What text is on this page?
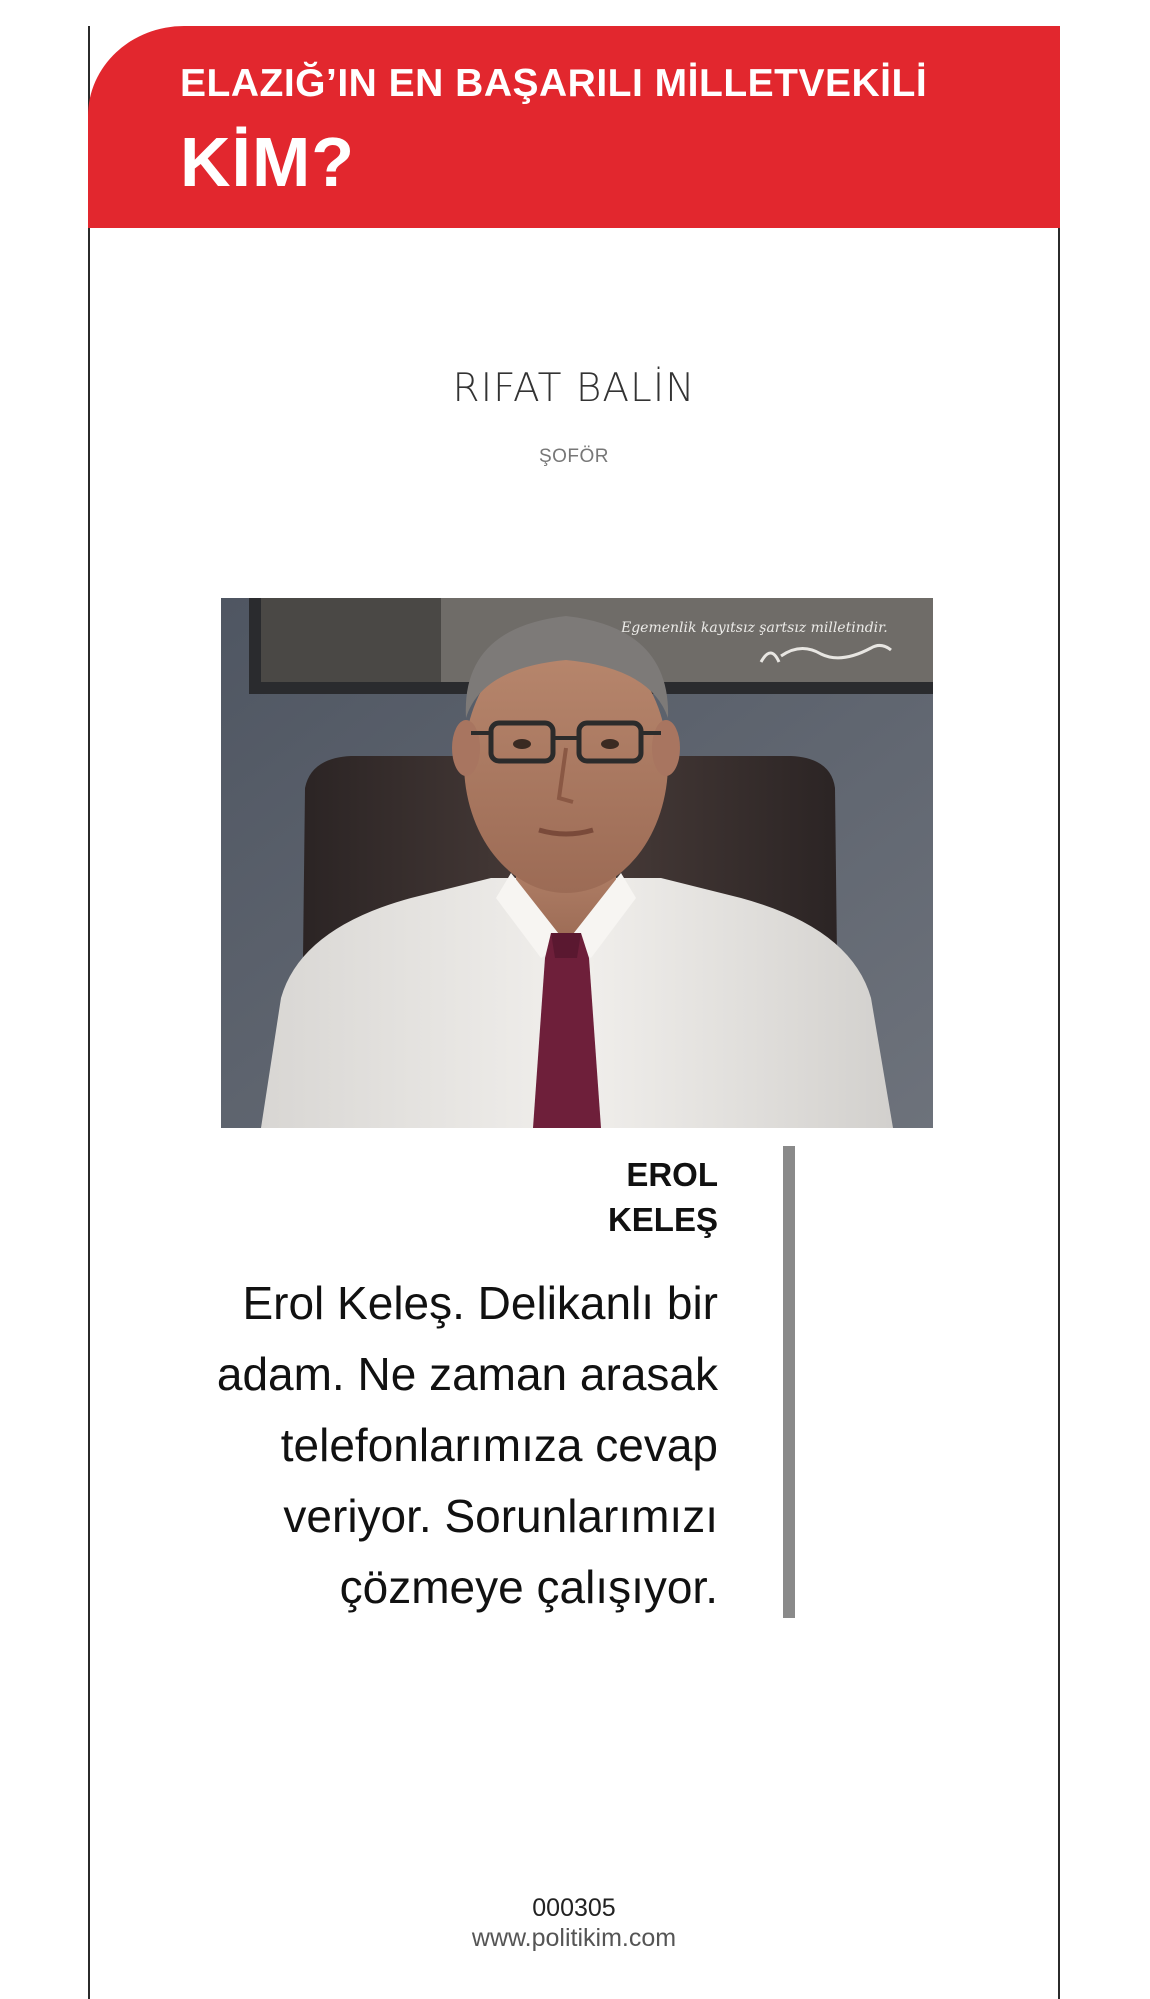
ELAZIĞ’IN EN BAŞARILI MİLLETVEKİLİ
KİM?
RIFAT BALİN
ŞOFÖR
Egemenlik kayıtsız şartsız milletindir.
EROL
KELEŞ
Erol Keleş. Delikanlı bir adam. Ne zaman arasak telefonlarımıza cevap veriyor. Sorunlarımızı çözmeye çalışıyor.
000305
www.politikim.com
